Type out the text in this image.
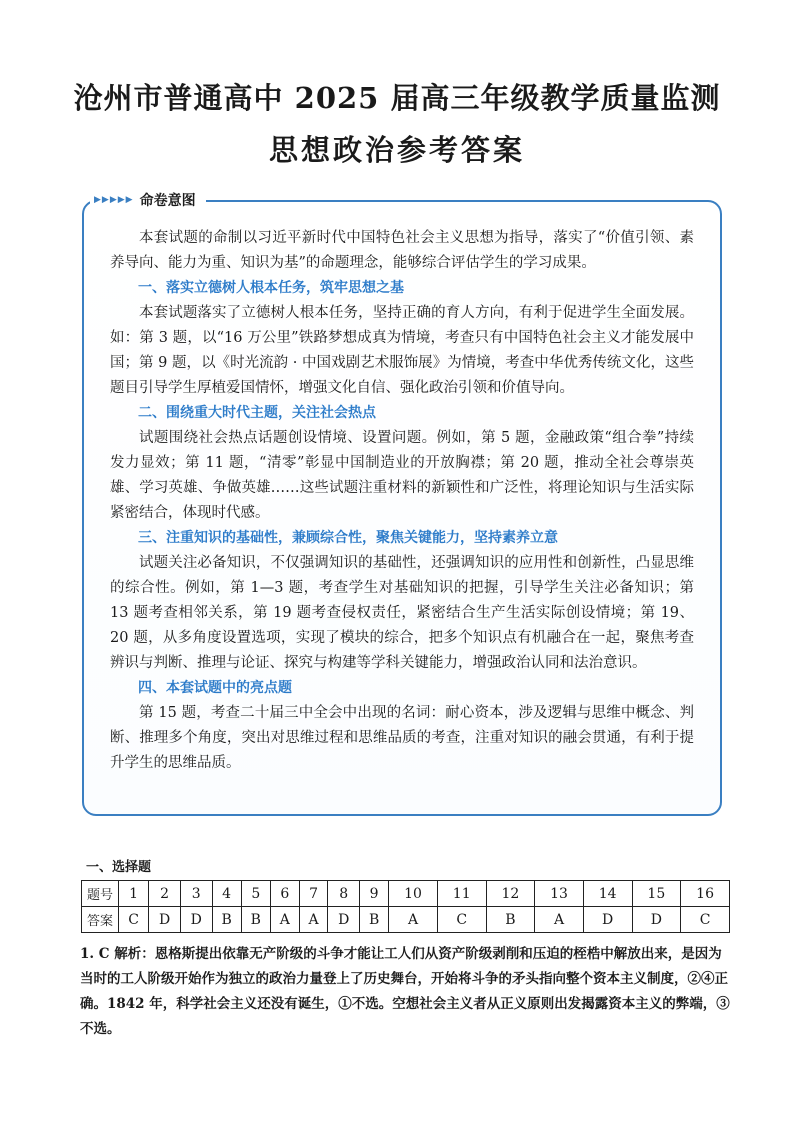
沧州市普通高中 2025 届高三年级教学质量监测
思想政治参考答案
▶▶▶▶▶ 命卷意图

本套试题的命制以习近平新时代中国特色社会主义思想为指导，落实了“价值引领、素养导向、能力为重、知识为基”的命题理念，能够综合评估学生的学习成果。

一、落实立德树人根本任务，筑牢思想之基

本套试题落实了立德树人根本任务，坚持正确的育人方向，有利于促进学生全面发展。如：第 3 题，以“16 万公里”铁路梦想成真为情境，考查只有中国特色社会主义才能发展中国；第 9 题，以《时光流韵 · 中国戏剧艺术服饰展》为情境，考查中华优秀传统文化，这些题目引导学生厚植爱国情怀，增强文化自信、强化政治引领和价值导向。

二、围绕重大时代主题，关注社会热点

试题围绕社会热点话题创设情境、设置问题。例如，第 5 题，金融政策“组合拳”持续发力显效；第 11 题，“清零”彰显中国制造业的开放胸襟；第 20 题，推动全社会尊崇英雄、学习英雄、争做英雄……这些试题注重材料的新颖性和广泛性，将理论知识与生活实际紧密结合，体现时代感。

三、注重知识的基础性，兼顾综合性，聚焦关键能力，坚持素养立意

试题关注必备知识，不仅强调知识的基础性，还强调知识的应用性和创新性，凸显思维的综合性。例如，第 1—3 题，考查学生对基础知识的把握，引导学生关注必备知识；第 13 题考查相邻关系，第 19 题考查侵权责任，紧密结合生产生活实际创设情境；第 19、20 题，从多角度设置选项，实现了模块的综合，把多个知识点有机融合在一起，聚焦考查辨识与判断、推理与论证、探究与构建等学科关键能力，增强政治认同和法治意识。

四、本套试题中的亮点题

第 15 题，考查二十届三中全会中出现的名词：耐心资本，涉及逻辑与思维中概念、判断、推理多个角度，突出对思维过程和思维品质的考查，注重对知识的融会贯通，有利于提升学生的思维品质。

一、选择题
题号	1	2	3	4	5	6	7	8	9	10	11	12	13	14	15	16
答案	C	D	D	B	B	A	A	D	B	A	C	B	A	D	D	C
1. C 解析：恩格斯提出依靠无产阶级的斗争才能让工人们从资产阶级剥削和压迫的桎梏中解放出来，是因为当时的工人阶级开始作为独立的政治力量登上了历史舞台，开始将斗争的矛头指向整个资本主义制度，②④正确。1842 年，科学社会主义还没有诞生，①不选。空想社会主义者从正义原则出发揭露资本主义的弊端，③不选。
